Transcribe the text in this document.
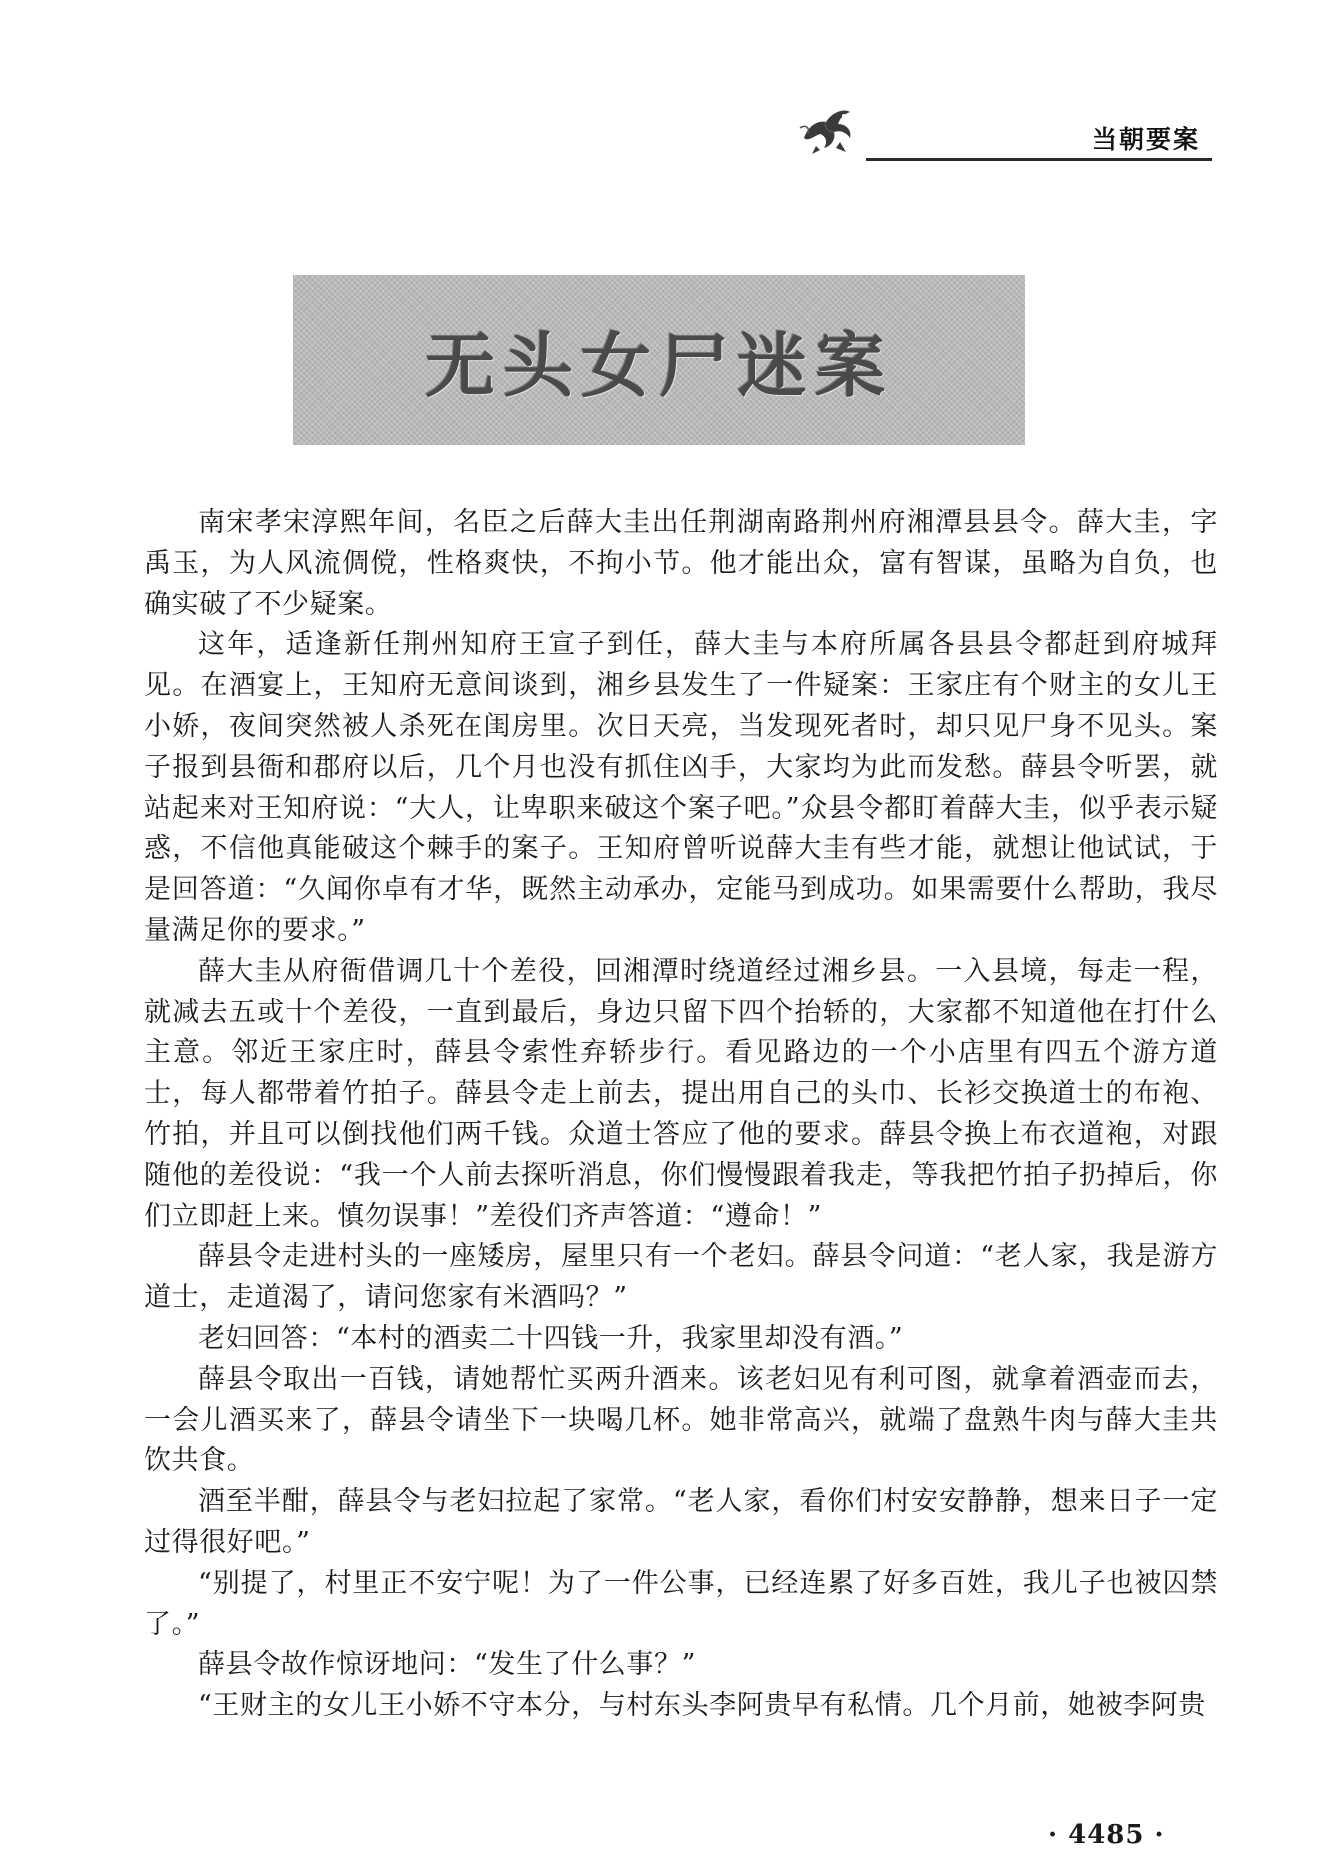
当朝要案
无头女尸迷案

南宋孝宋淳熙年间，名臣之后薛大圭出任荆湖南路荆州府湘潭县县令。薛大圭，字禹玉，为人风流倜傥，性格爽快，不拘小节。他才能出众，富有智谋，虽略为自负，也确实破了不少疑案。

这年，适逢新任荆州知府王宣子到任，薛大圭与本府所属各县县令都赶到府城拜见。在酒宴上，王知府无意间谈到，湘乡县发生了一件疑案：王家庄有个财主的女儿王小娇，夜间突然被人杀死在闺房里。次日天亮，当发现死者时，却只见尸身不见头。案子报到县衙和郡府以后，几个月也没有抓住凶手，大家均为此而发愁。薛县令听罢，就站起来对王知府说：“大人，让卑职来破这个案子吧。”众县令都盯着薛大圭，似乎表示疑惑，不信他真能破这个棘手的案子。王知府曾听说薛大圭有些才能，就想让他试试，于是回答道：“久闻你卓有才华，既然主动承办，定能马到成功。如果需要什么帮助，我尽量满足你的要求。”

薛大圭从府衙借调几十个差役，回湘潭时绕道经过湘乡县。一入县境，每走一程，就减去五或十个差役，一直到最后，身边只留下四个抬轿的，大家都不知道他在打什么主意。邻近王家庄时，薛县令索性弃轿步行。看见路边的一个小店里有四五个游方道士，每人都带着竹拍子。薛县令走上前去，提出用自己的头巾、长衫交换道士的布袍、竹拍，并且可以倒找他们两千钱。众道士答应了他的要求。薛县令换上布衣道袍，对跟随他的差役说：“我一个人前去探听消息，你们慢慢跟着我走，等我把竹拍子扔掉后，你们立即赶上来。慎勿误事！”差役们齐声答道：“遵命！”

薛县令走进村头的一座矮房，屋里只有一个老妇。薛县令问道：“老人家，我是游方道士，走道渴了，请问您家有米酒吗？”

老妇回答：“本村的酒卖二十四钱一升，我家里却没有酒。”

薛县令取出一百钱，请她帮忙买两升酒来。该老妇见有利可图，就拿着酒壶而去，一会儿酒买来了，薛县令请坐下一块喝几杯。她非常高兴，就端了盘熟牛肉与薛大圭共饮共食。

酒至半酣，薛县令与老妇拉起了家常。“老人家，看你们村安安静静，想来日子一定过得很好吧。”

“别提了，村里正不安宁呢！为了一件公事，已经连累了好多百姓，我儿子也被囚禁了。”

薛县令故作惊讶地问：“发生了什么事？”

“王财主的女儿王小娇不守本分，与村东头李阿贵早有私情。几个月前，她被李阿贵

· 4485 ·
